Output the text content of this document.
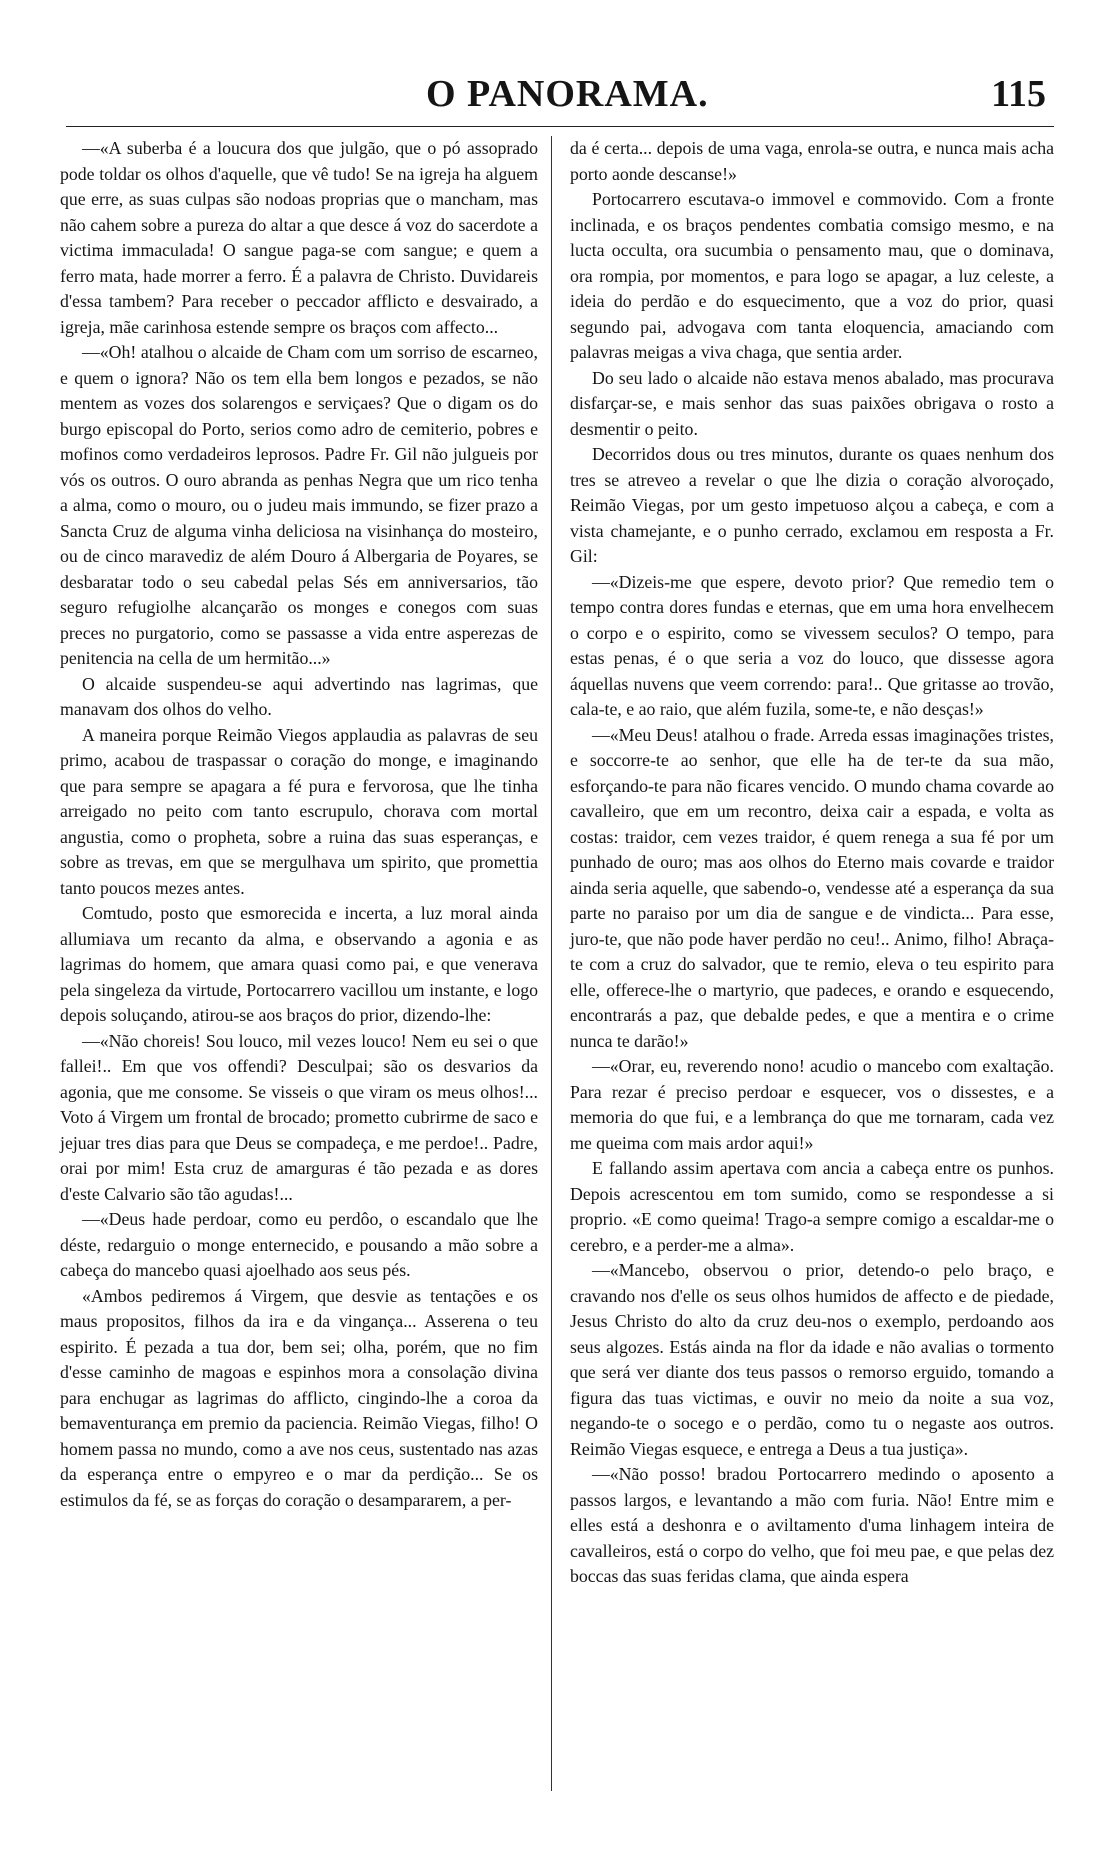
O PANORAMA.	115

—«A suberba é a loucura dos que julgão, que o pó assoprado pode toldar os olhos d'aquelle, que vê tudo! Se na igreja ha alguem que erre, as suas culpas são nodoas proprias que o mancham, mas não cahem sobre a pureza do altar a que desce á voz do sacerdote a victima immaculada! O sangue paga-se com sangue; e quem a ferro mata, hade morrer a ferro. É a palavra de Christo. Duvidareis d'essa tambem? Para receber o peccador afflicto e desvairado, a igreja, mãe carinhosa estende sempre os braços com affecto...

—«Oh! atalhou o alcaide de Cham com um sorriso de escarneo, e quem o ignora? Não os tem ella bem longos e pezados, se não mentem as vozes dos solarengos e serviçaes? Que o digam os do burgo episcopal do Porto, serios como adro de cemiterio, pobres e mofinos como verdadeiros leprosos. Padre Fr. Gil não julgueis por vós os outros. O ouro abranda as penhas Negra que um rico tenha a alma, como o mouro, ou o judeu mais immundo, se fizer prazo a Sancta Cruz de alguma vinha deliciosa na visinhança do mosteiro, ou de cinco maravediz de além Douro á Albergaria de Poyares, se desbaratar todo o seu cabedal pelas Sés em anniversarios, tão seguro refugiolhe alcançarão os monges e conegos com suas preces no purgatorio, como se passasse a vida entre asperezas de penitencia na cella de um hermitão...»

O alcaide suspendeu-se aqui advertindo nas lagrimas, que manavam dos olhos do velho.

A maneira porque Reimão Viegos applaudia as palavras de seu primo, acabou de traspassar o coração do monge, e imaginando que para sempre se apagara a fé pura e fervorosa, que lhe tinha arreigado no peito com tanto escrupulo, chorava com mortal angustia, como o propheta, sobre a ruina das suas esperanças, e sobre as trevas, em que se mergulhava um spirito, que promettia tanto poucos mezes antes.

Comtudo, posto que esmorecida e incerta, a luz moral ainda allumiava um recanto da alma, e observando a agonia e as lagrimas do homem, que amara quasi como pai, e que venerava pela singeleza da virtude, Portocarrero vacillou um instante, e logo depois soluçando, atirou-se aos braços do prior, dizendo-lhe:

—«Não choreis! Sou louco, mil vezes louco! Nem eu sei o que fallei!.. Em que vos offendi? Desculpai; são os desvarios da agonia, que me consome. Se visseis o que viram os meus olhos!... Voto á Virgem um frontal de brocado; prometto cubrirme de saco e jejuar tres dias para que Deus se compadeça, e me perdoe!.. Padre, orai por mim! Esta cruz de amarguras é tão pezada e as dores d'este Calvario são tão agudas!...

—«Deus hade perdoar, como eu perdôo, o escandalo que lhe déste, redarguio o monge enternecido, e pousando a mão sobre a cabeça do mancebo quasi ajoelhado aos seus pés.

«Ambos pediremos á Virgem, que desvie as tentações e os maus propositos, filhos da ira e da vingança... Asserena o teu espirito. É pezada a tua dor, bem sei; olha, porém, que no fim d'esse caminho de magoas e espinhos mora a consolação divina para enchugar as lagrimas do afflicto, cingindo-lhe a coroa da bemaventurança em premio da paciencia. Reimão Viegas, filho! O homem passa no mundo, como a ave nos ceus, sustentado nas azas da esperança entre o empyreo e o mar da perdição... Se os estimulos da fé, se as forças do coração o desampararem, a per-

da é certa... depois de uma vaga, enrola-se outra, e nunca mais acha porto aonde descanse!»

Portocarrero escutava-o immovel e commovido. Com a fronte inclinada, e os braços pendentes combatia comsigo mesmo, e na lucta occulta, ora sucumbia o pensamento mau, que o dominava, ora rompia, por momentos, e para logo se apagar, a luz celeste, a ideia do perdão e do esquecimento, que a voz do prior, quasi segundo pai, advogava com tanta eloquencia, amaciando com palavras meigas a viva chaga, que sentia arder.

Do seu lado o alcaide não estava menos abalado, mas procurava disfarçar-se, e mais senhor das suas paixões obrigava o rosto a desmentir o peito.

Decorridos dous ou tres minutos, durante os quaes nenhum dos tres se atreveo a revelar o que lhe dizia o coração alvoroçado, Reimão Viegas, por um gesto impetuoso alçou a cabeça, e com a vista chamejante, e o punho cerrado, exclamou em resposta a Fr. Gil:

—«Dizeis-me que espere, devoto prior? Que remedio tem o tempo contra dores fundas e eternas, que em uma hora envelhecem o corpo e o espirito, como se vivessem seculos? O tempo, para estas penas, é o que seria a voz do louco, que dissesse agora áquellas nuvens que veem correndo: para!.. Que gritasse ao trovão, cala-te, e ao raio, que além fuzila, some-te, e não desças!»

—«Meu Deus! atalhou o frade. Arreda essas imaginações tristes, e soccorre-te ao senhor, que elle ha de ter-te da sua mão, esforçando-te para não ficares vencido. O mundo chama covarde ao cavalleiro, que em um recontro, deixa cair a espada, e volta as costas: traidor, cem vezes traidor, é quem renega a sua fé por um punhado de ouro; mas aos olhos do Eterno mais covarde e traidor ainda seria aquelle, que sabendo-o, vendesse até a esperança da sua parte no paraiso por um dia de sangue e de vindicta... Para esse, juro-te, que não pode haver perdão no ceu!.. Animo, filho! Abraça-te com a cruz do salvador, que te remio, eleva o teu espirito para elle, offerece-lhe o martyrio, que padeces, e orando e esquecendo, encontrarás a paz, que debalde pedes, e que a mentira e o crime nunca te darão!»

—«Orar, eu, reverendo nono! acudio o mancebo com exaltação. Para rezar é preciso perdoar e esquecer, vos o dissestes, e a memoria do que fui, e a lembrança do que me tornaram, cada vez me queima com mais ardor aqui!»

E fallando assim apertava com ancia a cabeça entre os punhos. Depois acrescentou em tom sumido, como se respondesse a si proprio. «E como queima! Trago-a sempre comigo a escaldar-me o cerebro, e a perder-me a alma».

—«Mancebo, observou o prior, detendo-o pelo braço, e cravando nos d'elle os seus olhos humidos de affecto e de piedade, Jesus Christo do alto da cruz deu-nos o exemplo, perdoando aos seus algozes. Estás ainda na flor da idade e não avalias o tormento que será ver diante dos teus passos o remorso erguido, tomando a figura das tuas victimas, e ouvir no meio da noite a sua voz, negando-te o socego e o perdão, como tu o negaste aos outros. Reimão Viegas esquece, e entrega a Deus a tua justiça».

—«Não posso! bradou Portocarrero medindo o aposento a passos largos, e levantando a mão com furia. Não! Entre mim e elles está a deshonra e o aviltamento d'uma linhagem inteira de cavalleiros, está o corpo do velho, que foi meu pae, e que pelas dez boccas das suas feridas clama, que ainda espera
